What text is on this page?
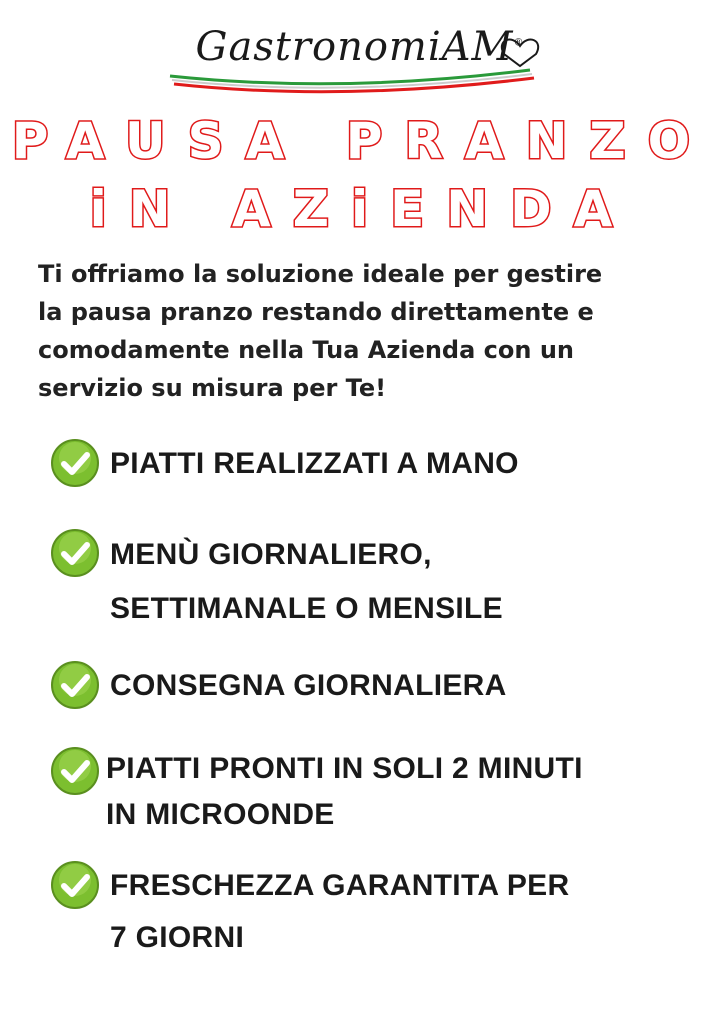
GastronomiAM®
PAUSA PRANZO
iN AZiENDA
Ti offriamo la soluzione ideale per gestire
la pausa pranzo restando direttamente e
comodamente nella Tua Azienda con un
servizio su misura per Te!
PIATTI REALIZZATI A MANO
MENÙ GIORNALIERO,
SETTIMANALE O MENSILE
CONSEGNA GIORNALIERA
PIATTI PRONTI IN SOLI 2 MINUTI
IN MICROONDE
FRESCHEZZA GARANTITA PER
7 GIORNI
